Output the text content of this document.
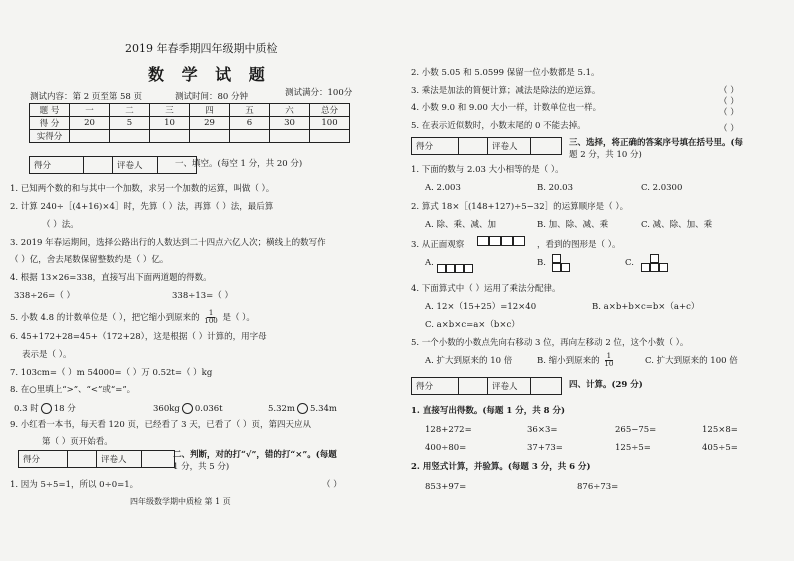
2019 年春季期四年级期中质检
数 学 试 题
测试内容：第 2 页至第 58 页	测试时间：80 分钟	测试满分：100分
题 号	一	二	三	四	五	六	总分
得 分	20	5	10	29	6	30	100
实得分							
得分	评卷人	一、填空。(每空 1 分，共 20 分)
1. 已知两个数的和与其中一个加数，求另一个加数的运算，叫做（ ）。
2. 计算 240÷［(4+16)×4］时，先算（ ）法，再算（ ）法，最后算
（ ）法。
3. 2019 年春运期间，选择公路出行的人数达到二十四点六亿人次；横线上的数写作
（ ）亿，舍去尾数保留整数约是（ ）亿。
4. 根据 13×26=338，直接写出下面两道题的得数。
338÷26=（ ）	338÷13=（ ）
5. 小数 4.8 的计数单位是（ ），把它缩小到原来的 $\frac{1}{100}$ 是（ ）。
6. 45+172+28=45+（172+28），这是根据（ ）计算的，用字母
表示是（ ）。
7. 103cm=（ ）m 54000=（ ）万 0.52t=（ ）kg
8. 在○里填上“>”、“<”或“=”。
0.3 时 18 分	360kg 0.036t	5.32m 5.34m
9. 小红看一本书，每天看 120 页，已经看了 3 天，已看了（ ）页，第四天应从
第（ ）页开始看。
得分	评卷人	二、判断，对的打“√”，错的打“×”。(每题
1 分，共 5 分)
1. 因为 5÷5=1，所以 0÷0=1。	（ ）
四年级数学期中质检 第 1 页
2. 小数 5.05 和 5.0599 保留一位小数都是 5.1。
（ ）
3. 乘法是加法的简便计算；减法是除法的逆运算。	（ ）
4. 小数 9.0 和 9.00 大小一样，计数单位也一样。	（ ）
5. 在表示近似数时，小数末尾的 0 不能去掉。	（ ）
得分	评卷人	三、选择，将正确的答案序号填在括号里。(每
题 2 分，共 10 分)
1. 下面的数与 2.03 大小相等的是（ ）。
A. 2.003	B. 20.03	C. 2.0300
2. 算式 18×［(148+127)÷5−32］的运算顺序是（ ）。
A. 除、乘、减、加	B. 加、除、减、乘	C. 减、除、加、乘
3. 从正面观察	，看到的图形是（ ）。
A.	B.	C.
4. 下面算式中（ ）运用了乘法分配律。
A. 12×（15+25）=12×40	B. a×b+b×c=b×（a+c）
C. a×b×c=a×（b×c）
5. 一个小数的小数点先向右移动 3 位，再向左移动 2 位，这个小数（ ）。
A. 扩大到原来的 10 倍	B. 缩小到原来的 $\frac{1}{10}$	C. 扩大到原来的 100 倍
得分	评卷人	四、计算。(29 分)
1. 直接写出得数。(每题 1 分，共 8 分)
128+272=	36×3=	265−75=	125×8=
400÷80=	37+73=	125÷5=	405÷5=
2. 用竖式计算，并验算。(每题 3 分，共 6 分)
853+97=	876÷73=
